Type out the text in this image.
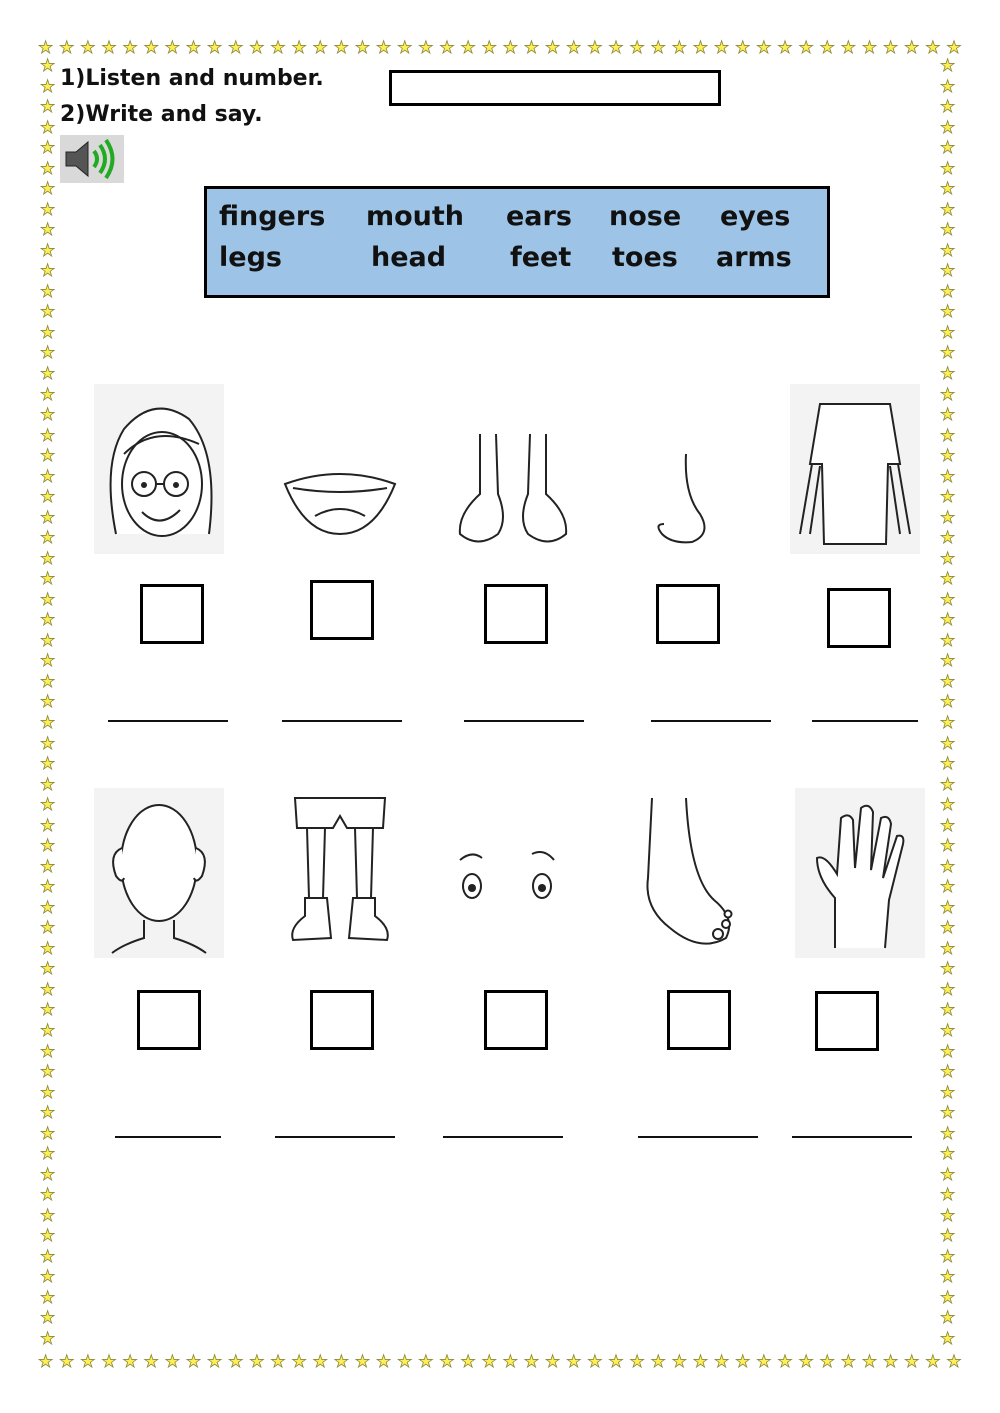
★ ★ ★ ★ ★ ★ ★ ★ ★ ★ ★ ★ ★ ★ ★ ★ ★ ★ ★ ★ ★ ★ ★ ★ ★ ★ ★ ★ ★ ★ ★ ★ ★ ★ ★ ★ ★ ★ ★ ★ ★ ★ ★ ★
★ ★ ★ ★ ★ ★ ★ ★ ★ ★ ★ ★ ★ ★ ★ ★ ★ ★ ★ ★ ★ ★ ★ ★ ★ ★ ★ ★ ★ ★ ★ ★ ★ ★ ★ ★ ★ ★ ★ ★ ★ ★ ★ ★
★
★
★
★
★
★
★
★
★
★
★
★
★
★
★
★
★
★
★
★
★
★
★
★
★
★
★
★
★
★
★
★
★
★
★
★
★
★
★
★
★
★
★
★
★
★
★
★
★
★
★
★
★
★
★
★
★
★
★
★
★
★
★
★
★
★
★
★
★
★
★
★
★
★
★
★
★
★
★
★
★
★
★
★
★
★
★
★
★
★
★
★
★
★
★
★
★
★
★
★
★
★
★
★
★
★
★
★
★
★
★
★
★
★
★
★
★
★
★
★
★
★
★
★
★
★
1)Listen and number.
2)Write and say.
fingers mouth ears nose eyes
legs	head feet toes arms
